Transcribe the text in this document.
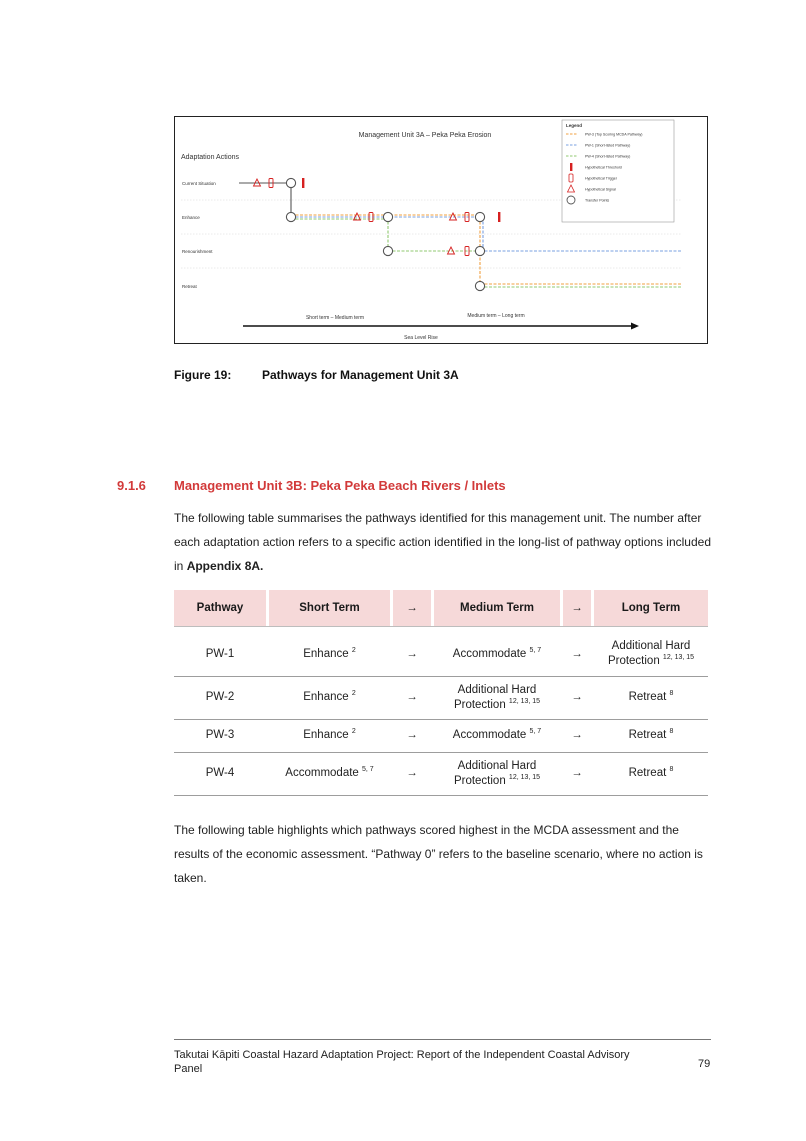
Management Unit 3A – Peka Peka Erosion
Adaptation Actions
Current Situation
Enhance
Renourishment
Retreat
Legend
PW-3 (Top Scoring MCDA Pathway)
PW-1 (Short-listed Pathway)
PW-4 (Short-listed Pathway)
Hypothetical Threshold
Hypothetical Trigger
Hypothetical Signal
Transfer Points
Short term – Medium term	Medium term – Long term
Sea Level Rise
Figure 19:	Pathways for Management Unit 3A
9.1.6 Management Unit 3B: Peka Peka Beach Rivers / Inlets
The following table summarises the pathways identified for this management unit. The number after each adaptation action refers to a specific action identified in the long-list of pathway options included in Appendix 8A.
Pathway		Short Term		→		Medium Term		→		Long Term

PW-1		Enhance $^2$		→		Accommodate $^{5, 7}$		→		Additional Hard Protection $^{12, 13, 15}$
PW-2		Enhance $^2$		→		Additional Hard Protection $^{12, 13, 15}$		→		Retreat $^8$
PW-3		Enhance $^2$		→		Accommodate $^{5, 7}$		→		Retreat $^8$
PW-4		Accommodate $^{5, 7}$		→		Additional Hard Protection $^{12, 13, 15}$		→		Retreat $^8$
The following table highlights which pathways scored highest in the MCDA assessment and the results of the economic assessment. “Pathway 0” refers to the baseline scenario, where no action is taken.
Takutai Kāpiti Coastal Hazard Adaptation Project: Report of the Independent Coastal Advisory Panel	79
